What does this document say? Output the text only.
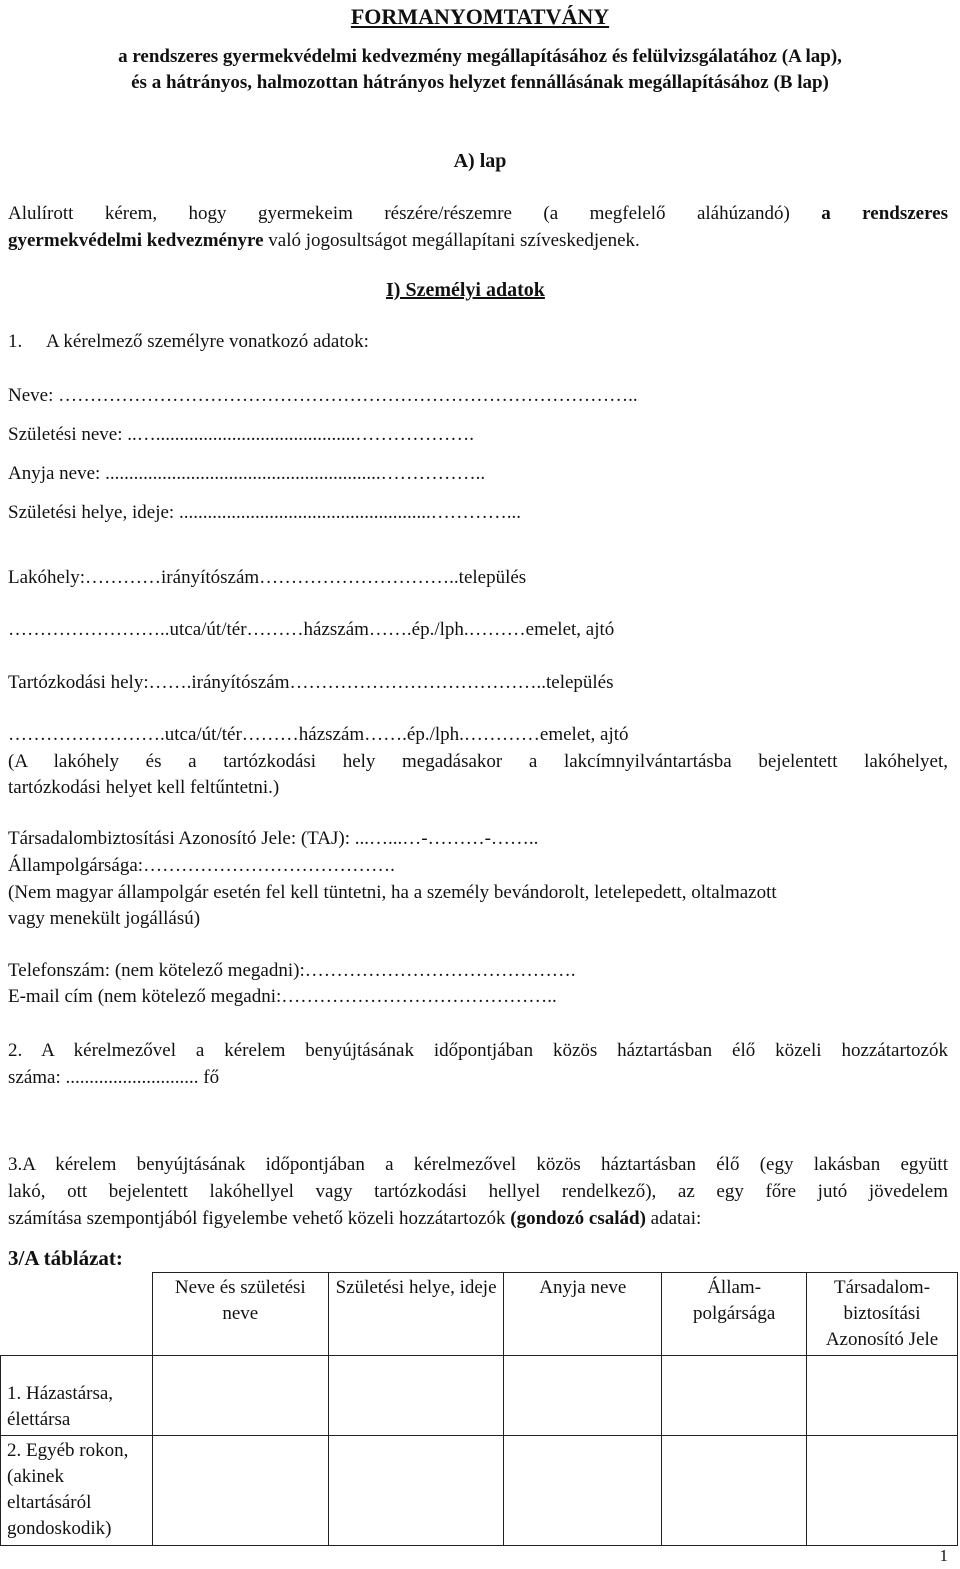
FORMANYOMTATVÁNY
a rendszeres gyermekvédelmi kedvezmény megállapításához és felülvizsgálatához (A lap),
és a hátrányos, halmozottan hátrányos helyzet fennállásának megállapításához (B lap)
A) lap
Alulírott kérem, hogy gyermekeim részére/részemre (a megfelelő aláhúzandó) a rendszeres
gyermekvédelmi kedvezményre való jogosultságot megállapítani szíveskedjenek.
I) Személyi adatok
1. A kérelmező személyre vonatkozó adatok:
Neve: ………………………………………………………………………………..
Születési neve: ..…..........................................……………….
Anyja neve: ..........................................................……………..
Születési helye, ideje: .....................................................…………...
Lakóhely:…………irányítószám…………………………..település
……………………..utca/út/tér………házszám…….ép./lph.………emelet, ajtó
Tartózkodási hely:…….irányítószám…………………………………..település
…………………….utca/út/tér………házszám…….ép./lph.…………emelet, ajtó
(A lakóhely és a tartózkodási hely megadásakor a lakcímnyilvántartásba bejelentett lakóhelyet,
tartózkodási helyet kell feltűntetni.)
Társadalombiztosítási Azonosító Jele: (TAJ): ...…...…-………-……..
Állampolgársága:………………………………….
(Nem magyar állampolgár esetén fel kell tüntetni, ha a személy bevándorolt, letelepedett, oltalmazott
vagy menekült jogállású)
Telefonszám: (nem kötelező megadni):…………………………………….
E-mail cím (nem kötelező megadni:……………………………………..
2. A kérelmezővel a kérelem benyújtásának időpontjában közös háztartásban élő közeli hozzátartozók
száma: ............................ fő
3.A kérelem benyújtásának időpontjában a kérelmezővel közös háztartásban élő (egy lakásban együtt
lakó, ott bejelentett lakóhellyel vagy tartózkodási hellyel rendelkező), az egy főre jutó jövedelem
számítása szempontjából figyelembe vehető közeli hozzátartozók (gondozó család) adatai:
3/A táblázat:
	Neve és születési neve	Születési helye, ideje	Anyja neve	Állam-polgársága	Társadalom-biztosítási Azonosító Jele
1. Házastársa, élettársa					
2. Egyéb rokon, (akinek eltartásáról gondoskodik)					
1
